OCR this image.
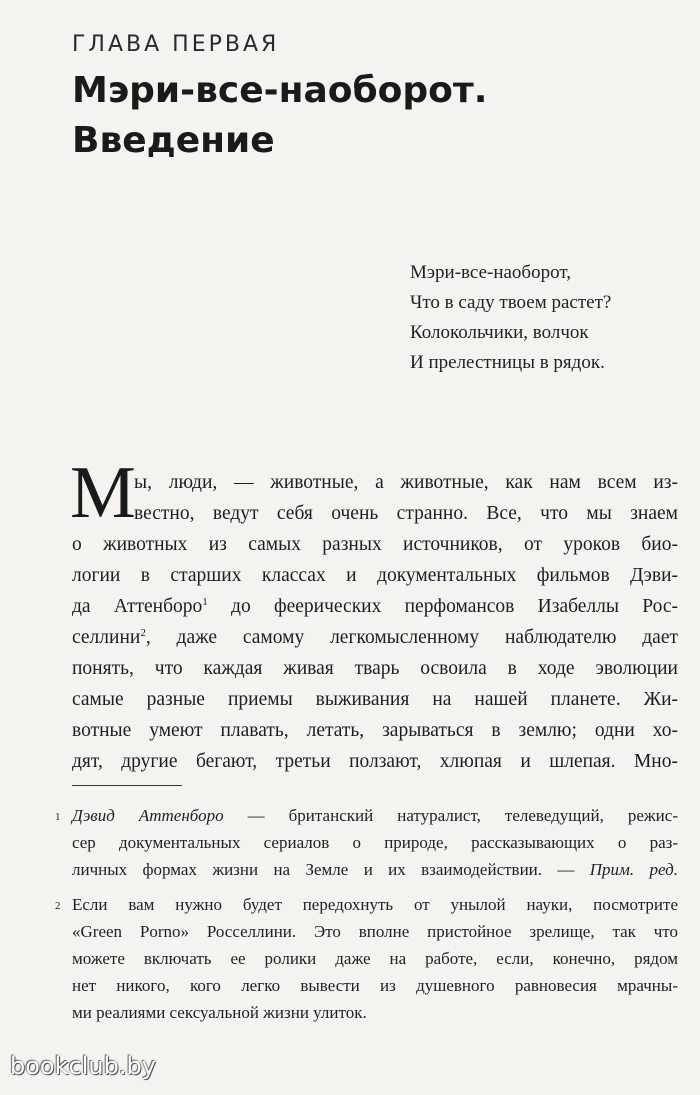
ГЛАВА ПЕРВАЯ
Мэри-все-наоборот.
Введение
Мэри-все-наоборот,
Что в саду твоем растет?
Колокольчики, волчок
И прелестницы в рядок.
М
ы, люди, — животные, а животные, как нам всем из-
вестно, ведут себя очень странно. Все, что мы знаем
о животных из самых разных источников, от уроков био-
логии в старших классах и документальных фильмов Дэви-
да Аттенборо$^1$ до феерических перфомансов Изабеллы Рос-
селлини$^2$, даже самому легкомысленному наблюдателю дает
понять, что каждая живая тварь освоила в ходе эволюции
самые разные приемы выживания на нашей планете. Жи-
вотные умеют плавать, летать, зарываться в землю; одни хо-
дят, другие бегают, третьи ползают, хлюпая и шлепая. Мно-
1 Дэвид Аттенборо — британский натуралист, телеведущий, режис-
сер документальных сериалов о природе, рассказывающих о раз-
личных формах жизни на Земле и их взаимодействии. — Прим. ред.
2 Если вам нужно будет передохнуть от унылой науки, посмотрите
«Green Porno» Росселлини. Это вполне пристойное зрелище, так что
можете включать ее ролики даже на работе, если, конечно, рядом
нет никого, кого легко вывести из душевного равновесия мрачны-
ми реалиями сексуальной жизни улиток.
bookclub.by
